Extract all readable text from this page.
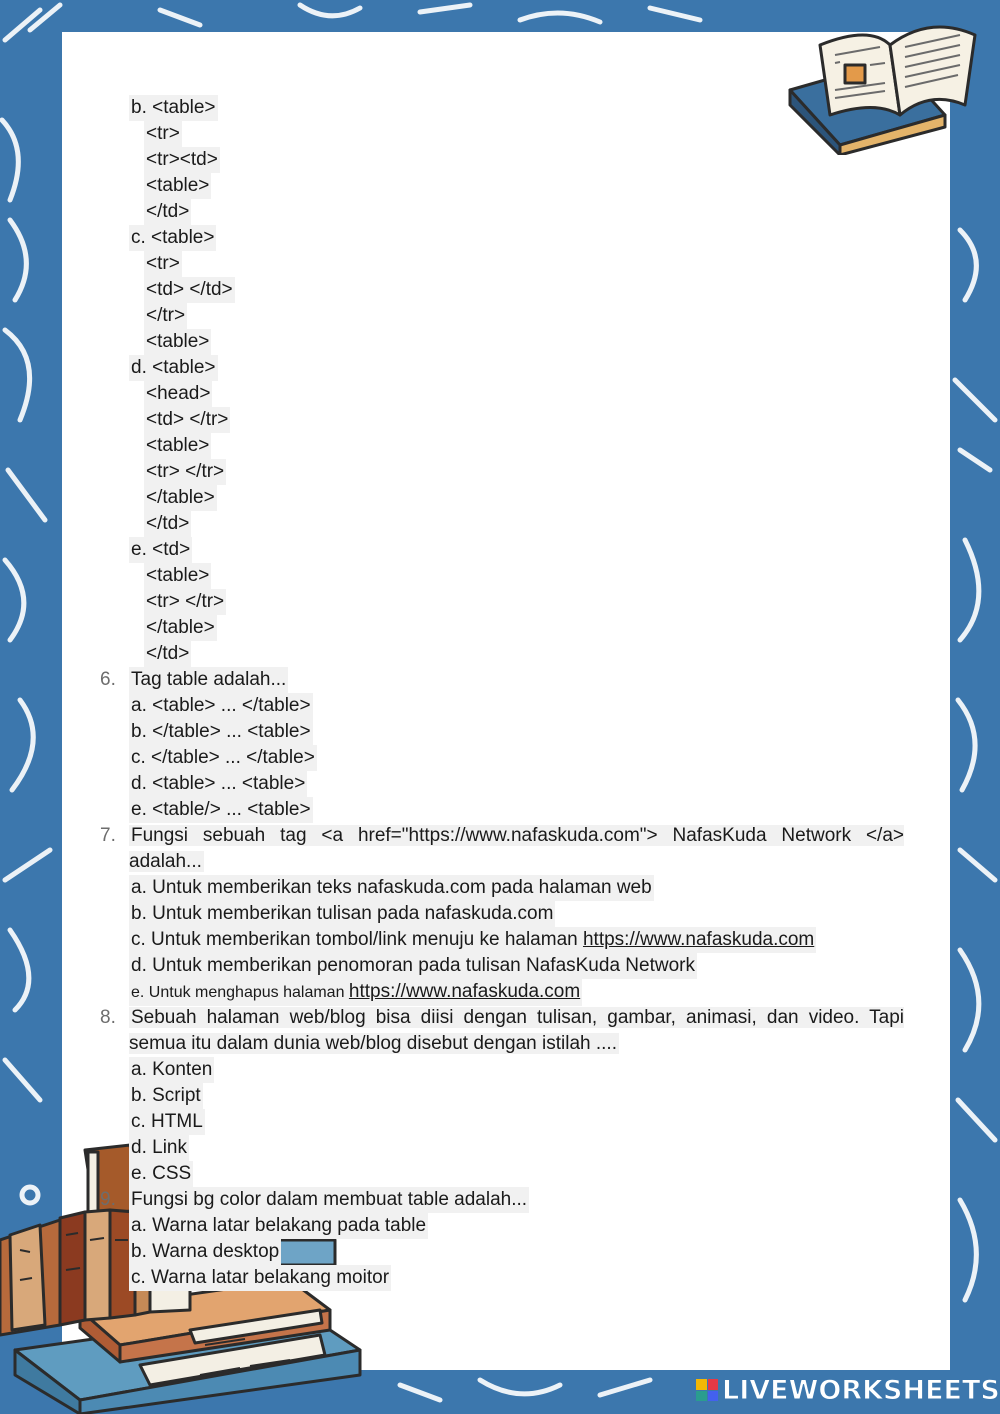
b. <table>
<tr>
<tr><td>
<table>
</td>
c. <table>
<tr>
<td> </td>
</tr>
<table>
d. <table>
<head>
<td> </tr>
<table>
<tr> </tr>
</table>
</td>
e. <td>
<table>
<tr> </tr>
</table>
</td>
6. Tag table adalah...
a. <table> ... </table>
b. </table> ... <table>
c. </table> ... </table>
d. <table> ... <table>
e. <table/> ... <table>
7. Fungsi sebuah tag <a href="https://www.nafaskuda.com"> NafasKuda Network </a> adalah...
a. Untuk memberikan teks nafaskuda.com pada halaman web
b. Untuk memberikan tulisan pada nafaskuda.com
c. Untuk memberikan tombol/link menuju ke halaman https://www.nafaskuda.com
d. Untuk memberikan penomoran pada tulisan NafasKuda Network
e. Untuk menghapus halaman https://www.nafaskuda.com
8. Sebuah halaman web/blog bisa diisi dengan tulisan, gambar, animasi, dan video. Tapi semua itu dalam dunia web/blog disebut dengan istilah ....
a. Konten
b. Script
c. HTML
d. Link
e. CSS
9. Fungsi bg color dalam membuat table adalah...
a. Warna latar belakang pada table
b. Warna desktop
c. Warna latar belakang moitor
LIVEWORKSHEETS
